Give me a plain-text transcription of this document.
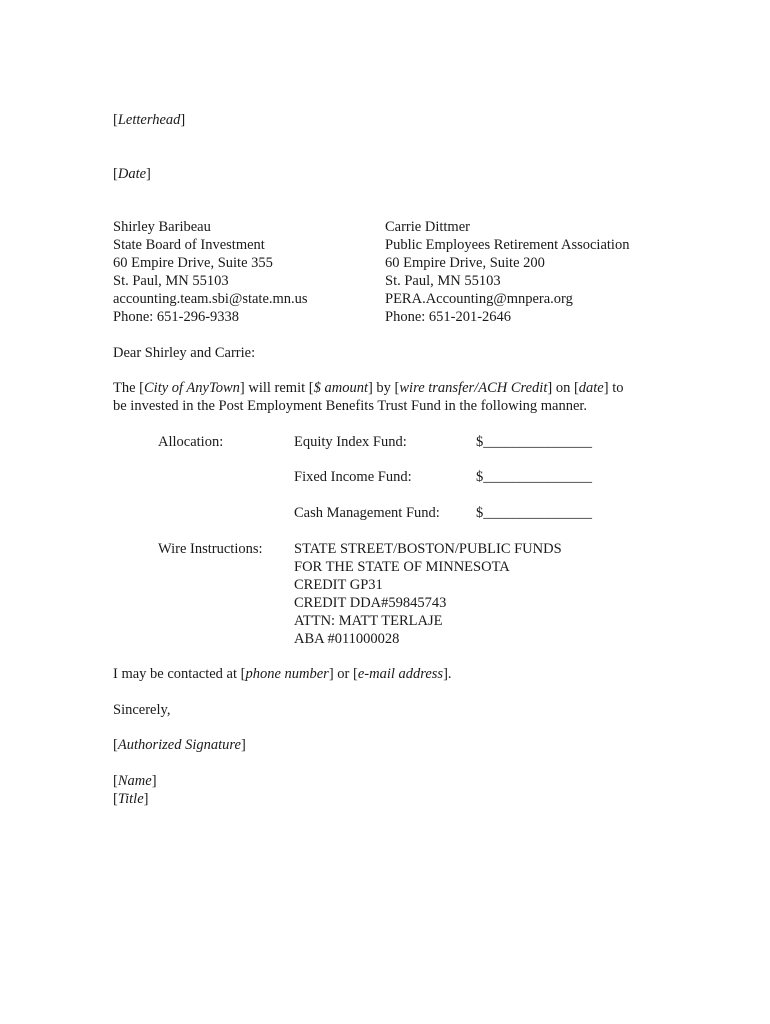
[Letterhead]
[Date]
Shirley Baribeau
State Board of Investment
60 Empire Drive, Suite 355
St. Paul, MN 55103
accounting.team.sbi@state.mn.us
Phone: 651-296-9338
Carrie Dittmer
Public Employees Retirement Association
60 Empire Drive, Suite 200
St. Paul, MN 55103
PERA.Accounting@mnpera.org
Phone: 651-201-2646
Dear Shirley and Carrie:
The [City of AnyTown] will remit [$ amount] by [wire transfer/ACH Credit] on [date] to
be invested in the Post Employment Benefits Trust Fund in the following manner.
Allocation:	Equity Index Fund:	$_______________
Fixed Income Fund:	$_______________
Cash Management Fund: $_______________
Wire Instructions: STATE STREET/BOSTON/PUBLIC FUNDS
FOR THE STATE OF MINNESOTA
CREDIT GP31
CREDIT DDA#59845743
ATTN: MATT TERLAJE
ABA #011000028
I may be contacted at [phone number] or [e-mail address].
Sincerely,
[Authorized Signature]
[Name]
[Title]
